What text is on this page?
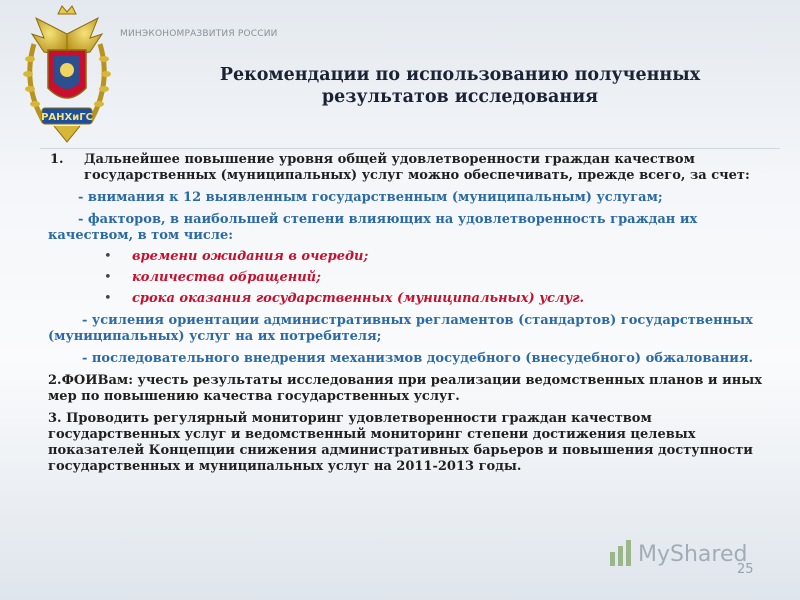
РАНХиГС
МИНЭКОНОМРАЗВИТИЯ РОССИИ
Рекомендации по использованию полученных
результатов исследования

1.	Дальнейшее повышение уровня общей удовлетворенности граждан качеством государственных (муниципальных) услуг можно обеспечивать, прежде всего, за счет:

- внимания к 12 выявленным государственным (муниципальным) услугам;

- факторов, в наибольшей степени влияющих на удовлетворенность граждан их качеством, в том числе:

•	времени ожидания в очереди;

•	количества обращений;

•	срока оказания государственных (муниципальных) услуг.

- усиления ориентации административных регламентов (стандартов) государственных (муниципальных) услуг на их потребителя;

- последовательного внедрения механизмов досудебного (внесудебного) обжалования.

2.ФОИВам: учесть результаты исследования при реализации ведомственных планов и иных мер по повышению качества государственных услуг.

3. Проводить регулярный мониторинг удовлетворенности граждан качеством государственных услуг и ведомственный мониторинг степени достижения целевых показателей Концепции снижения административных барьеров и повышения доступности государственных и муниципальных услуг на 2011-2013 годы.

MyShared
25
